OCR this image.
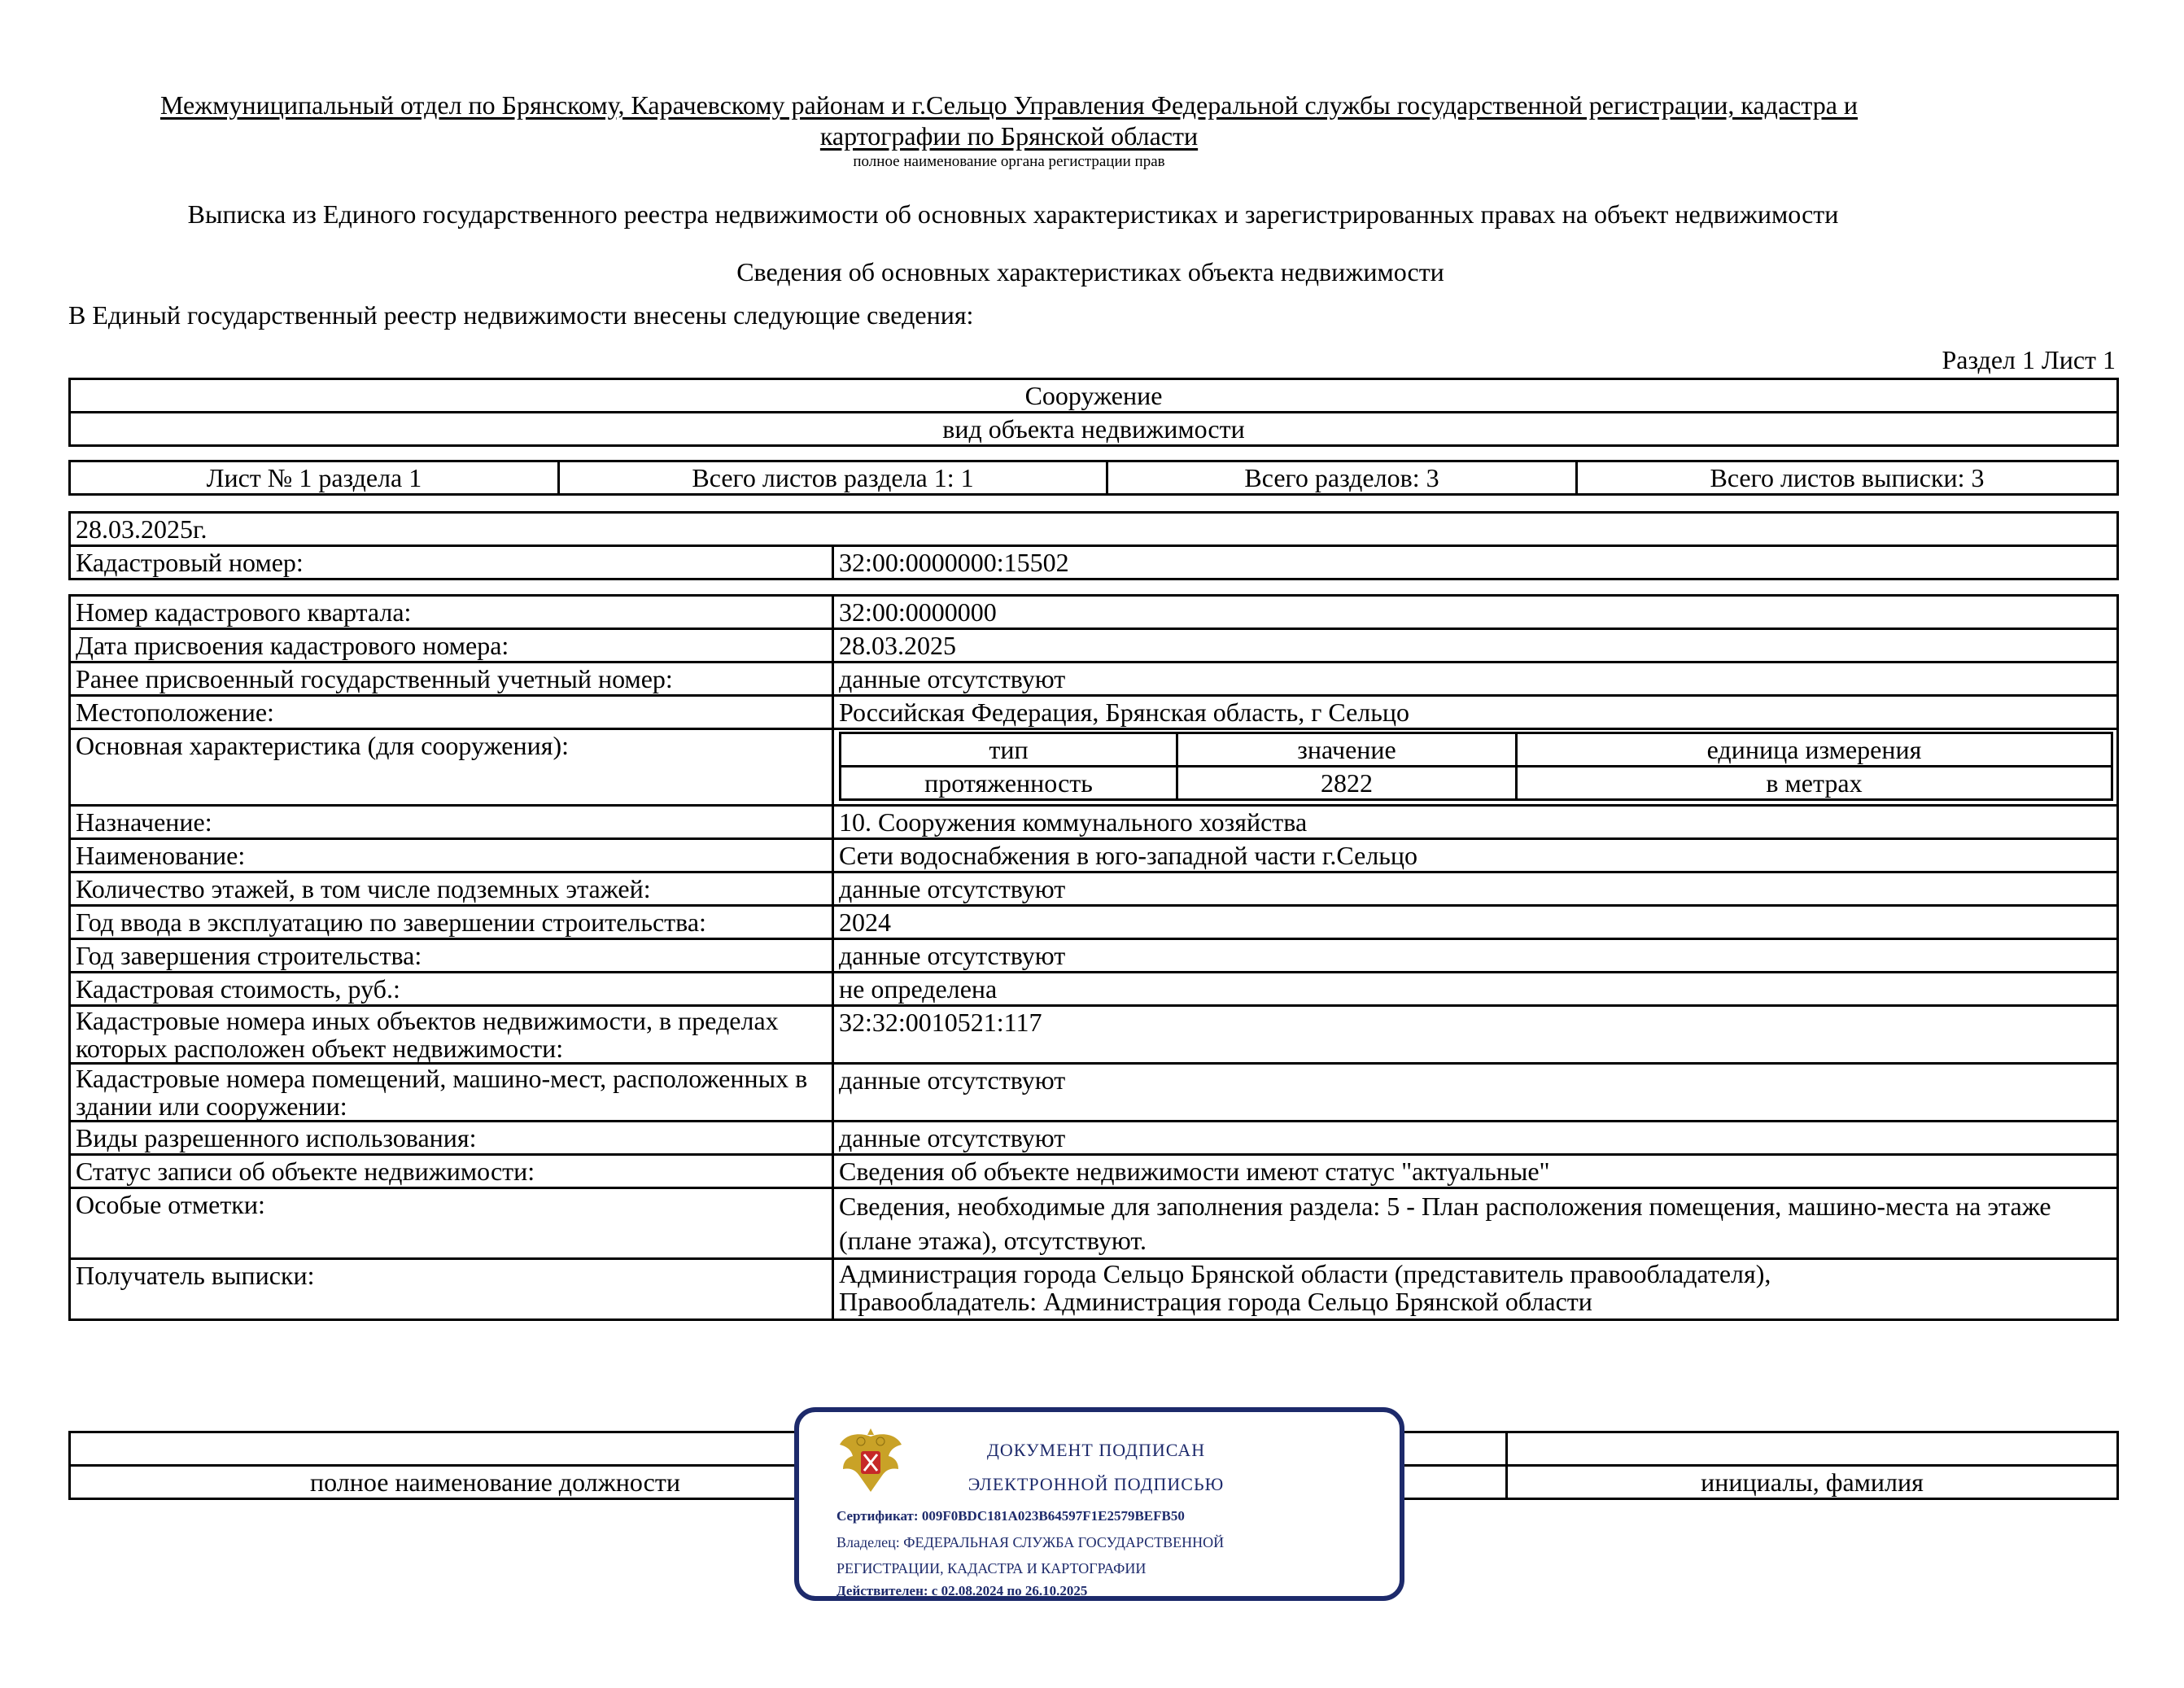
Межмуниципальный отдел по Брянскому, Карачевскому районам и г.Сельцо Управления Федеральной службы государственной регистрации, кадастра и
картографии по Брянской области
полное наименование органа регистрации прав
Выписка из Единого государственного реестра недвижимости об основных характеристиках и зарегистрированных правах на объект недвижимости
Сведения об основных характеристиках объекта недвижимости
В Единый государственный реестр недвижимости внесены следующие сведения:
Раздел 1 Лист 1
Сооружение
вид объекта недвижимости
Лист № 1 раздела 1	Всего листов раздела 1: 1	Всего разделов: 3	Всего листов выписки: 3
28.03.2025г.
Кадастровый номер:	32:00:0000000:15502
Номер кадастрового квартала:	32:00:0000000
Дата присвоения кадастрового номера:	28.03.2025
Ранее присвоенный государственный учетный номер:	данные отсутствуют
Местоположение:	Российская Федерация, Брянская область, г Сельцо
Основная характеристика (для сооружения):		тип	значение	единица измерения
протяженность	2822	в метрах

Назначение:	10. Сооружения коммунального хозяйства
Наименование:	Сети водоснабжения в юго-западной части г.Сельцо
Количество этажей, в том числе подземных этажей:	данные отсутствуют
Год ввода в эксплуатацию по завершении строительства:	2024
Год завершения строительства:	данные отсутствуют
Кадастровая стоимость, руб.:	не определена
Кадастровые номера иных объектов недвижимости, в пределах которых расположен объект недвижимости:	32:32:0010521:117
Кадастровые номера помещений, машино-мест, расположенных в здании или сооружении:	данные отсутствуют
Виды разрешенного использования:	данные отсутствуют
Статус записи об объекте недвижимости:	Сведения об объекте недвижимости имеют статус "актуальные"
Особые отметки:	Сведения, необходимые для заполнения раздела: 5 - План расположения помещения, машино-места на этаже (плане этажа), отсутствуют.
Получатель выписки:	Администрация города Сельцо Брянской области (представитель правообладателя),
Правообладатель: Администрация города Сельцо Брянской области

полное наименование должности		инициалы, фамилия
ДОКУМЕНТ ПОДПИСАН
ЭЛЕКТРОННОЙ ПОДПИСЬЮ
Сертификат: 009F0BDC181A023B64597F1E2579BEFB50
Владелец: ФЕДЕРАЛЬНАЯ СЛУЖБА ГОСУДАРСТВЕННОЙ
РЕГИСТРАЦИИ, КАДАСТРА И КАРТОГРАФИИ
Действителен: с 02.08.2024 по 26.10.2025
